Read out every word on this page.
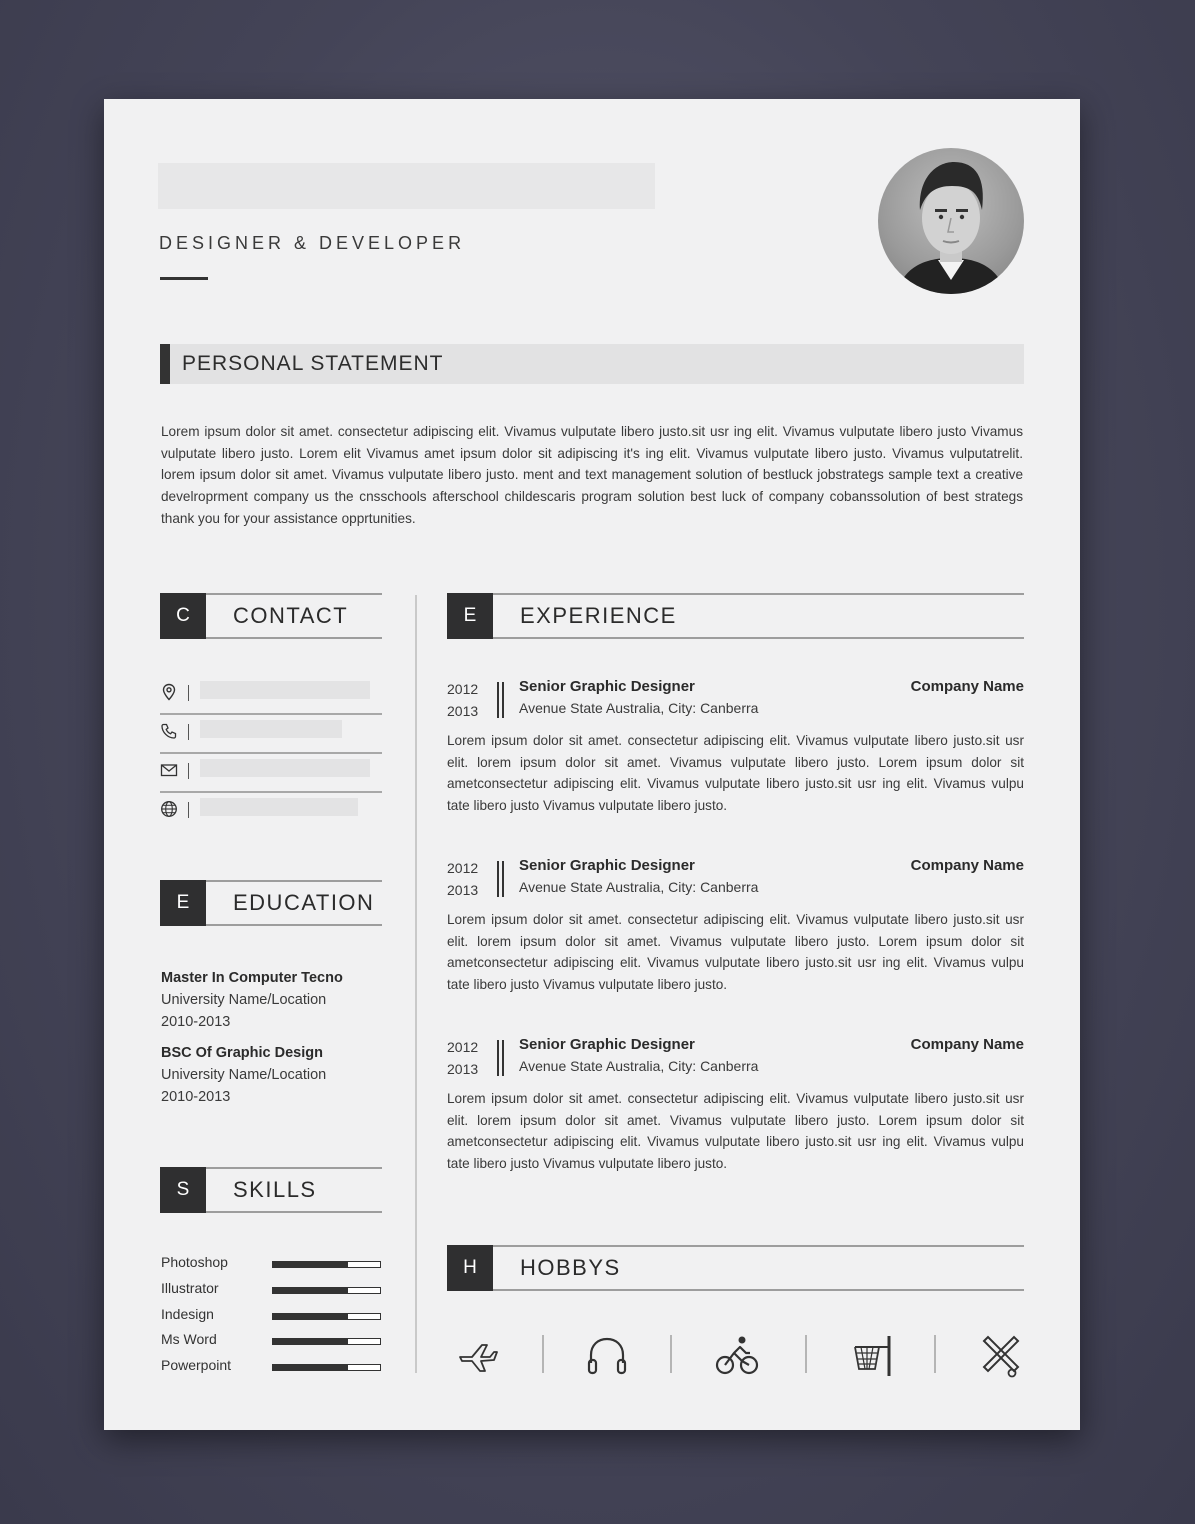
DESIGNER & DEVELOPER
PERSONAL STATEMENT
Lorem ipsum dolor sit amet. consectetur adipiscing elit. Vivamus vulputate libero justo.sit usr ing elit. Vivamus vulputate libero justo Vivamus vulputate libero justo. Lorem elit Vivamus amet ipsum dolor sit adipiscing it's ing elit. Vivamus vulputate libero justo. Vivamus vulputatrelit. lorem ipsum dolor sit amet. Vivamus vulputate libero justo. ment and text management solution of bestluck jobstrategs sample text a creative develroprment company us the cnsschools afterschool childescaris program solution best luck of company cobanssolution of best strategs thank you for your assistance opprtunities.
C	CONTACT
E	EDUCATION
Master In Computer Tecno
University Name/Location
2010-2013
BSC Of Graphic Design
University Name/Location
2010-2013
S	SKILLS
Photoshop
Illustrator
Indesign
Ms Word
Powerpoint
E	EXPERIENCE
2012
2013
Senior Graphic Designer
Avenue State Australia, City: Canberra
Company Name
Lorem ipsum dolor sit amet. consectetur adipiscing elit. Vivamus vulputate libero justo.sit usr elit. lorem ipsum dolor sit amet. Vivamus vulputate libero justo. Lorem ipsum dolor sit ametconsectetur adipiscing elit. Vivamus vulputate libero justo.sit usr ing elit. Vivamus vulpu tate libero justo Vivamus vulputate libero justo.
2012
2013
Senior Graphic Designer
Avenue State Australia, City: Canberra
Company Name
Lorem ipsum dolor sit amet. consectetur adipiscing elit. Vivamus vulputate libero justo.sit usr elit. lorem ipsum dolor sit amet. Vivamus vulputate libero justo. Lorem ipsum dolor sit ametconsectetur adipiscing elit. Vivamus vulputate libero justo.sit usr ing elit. Vivamus vulpu tate libero justo Vivamus vulputate libero justo.
2012
2013
Senior Graphic Designer
Avenue State Australia, City: Canberra
Company Name
Lorem ipsum dolor sit amet. consectetur adipiscing elit. Vivamus vulputate libero justo.sit usr elit. lorem ipsum dolor sit amet. Vivamus vulputate libero justo. Lorem ipsum dolor sit ametconsectetur adipiscing elit. Vivamus vulputate libero justo.sit usr ing elit. Vivamus vulpu tate libero justo Vivamus vulputate libero justo.
H	HOBBYS
